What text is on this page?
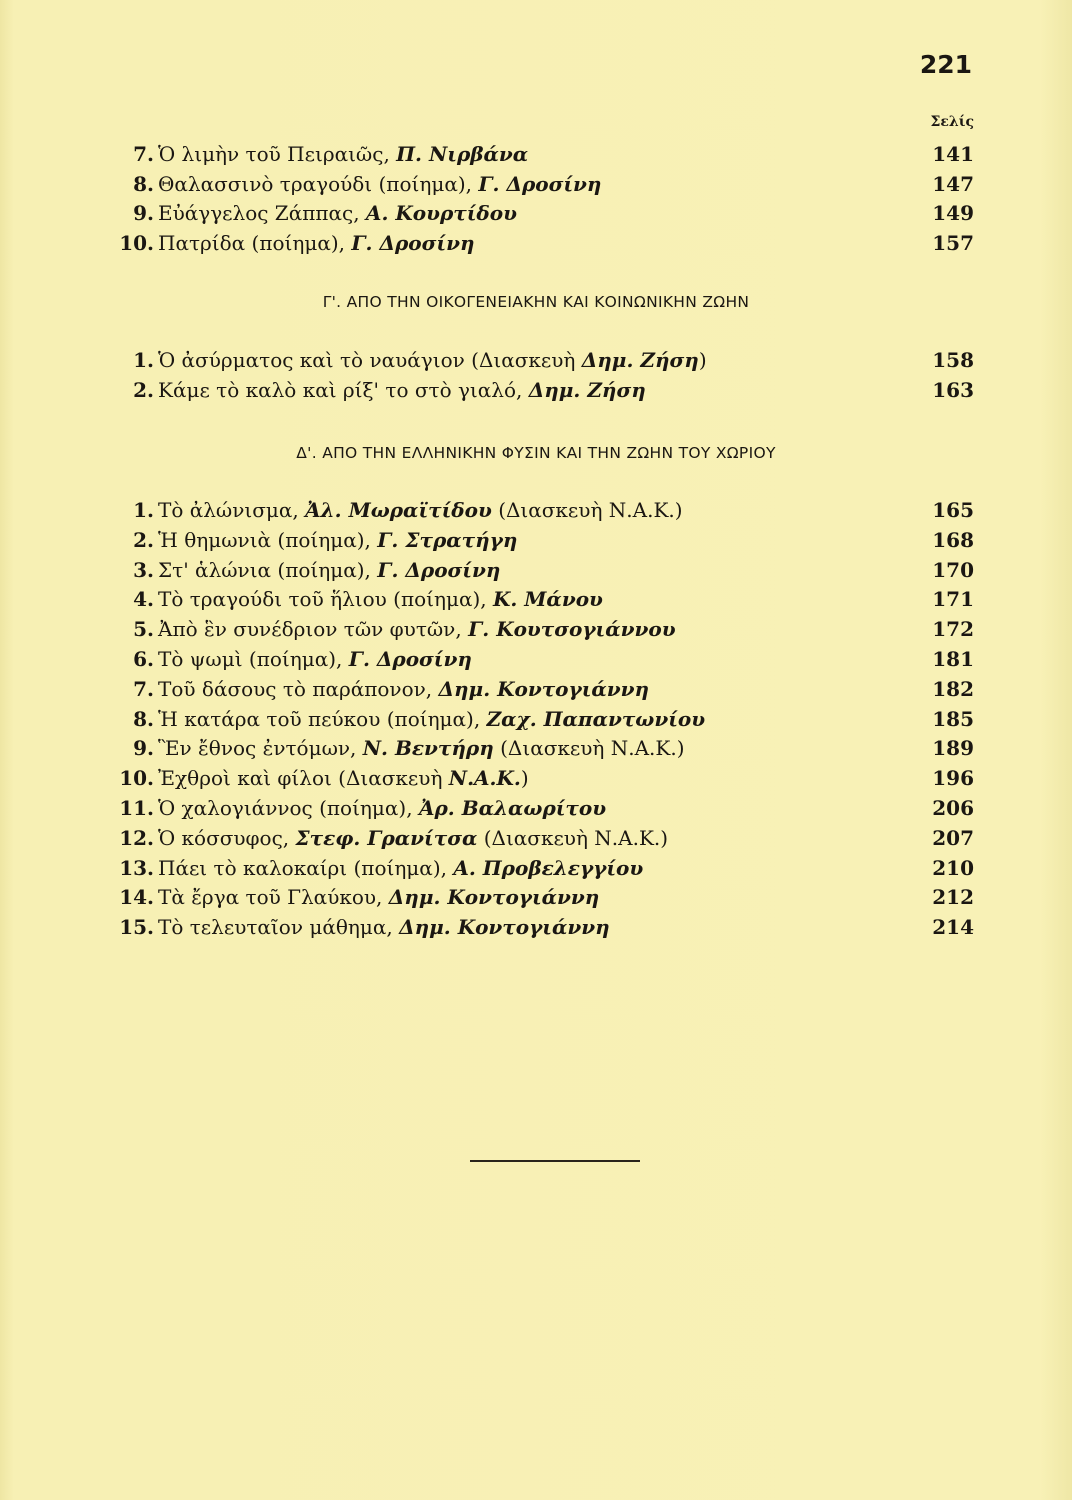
221
Σελίς
7. Ὁ λιμὴν τοῦ Πειραιῶς, Π. Νιρβάνα	141
8. Θαλασσινὸ τραγούδι (ποίημα), Γ. Δροσίνη	147
9. Εὐάγγελος Ζάππας, Α. Κουρτίδου	149
10. Πατρίδα (ποίημα), Γ. Δροσίνη	157
Γ'. ΑΠΟ ΤΗΝ ΟΙΚΟΓΕΝΕΙΑΚΗΝ ΚΑΙ ΚΟΙΝΩΝΙΚΗΝ ΖΩΗΝ
1. Ὁ ἀσύρματος καὶ τὸ ναυάγιον (Διασκευὴ Δημ. Ζήση)	158
2. Κάμε τὸ καλὸ καὶ ρίξ' το στὸ γιαλό, Δημ. Ζήση	163
Δ'. ΑΠΟ ΤΗΝ ΕΛΛΗΝΙΚΗΝ ΦΥΣΙΝ ΚΑΙ ΤΗΝ ΖΩΗΝ ΤΟΥ ΧΩΡΙΟΥ
1. Τὸ ἀλώνισμα, Ἀλ. Μωραϊτίδου (Διασκευὴ Ν.Α.Κ.)	165
2. Ἡ θημωνιὰ (ποίημα), Γ. Στρατήγη	168
3. Στ' ἁλώνια (ποίημα), Γ. Δροσίνη	170
4. Τὸ τραγούδι τοῦ ἥλιου (ποίημα), Κ. Μάνου	171
5. Ἀπὸ ἓν συνέδριον τῶν φυτῶν, Γ. Κουτσογιάννου	172
6. Τὸ ψωμὶ (ποίημα), Γ. Δροσίνη	181
7. Τοῦ δάσους τὸ παράπονον, Δημ. Κοντογιάννη	182
8. Ἡ κατάρα τοῦ πεύκου (ποίημα), Ζαχ. Παπαντωνίου	185
9. Ἓν ἔθνος ἐντόμων, Ν. Βεντήρη (Διασκευὴ Ν.Α.Κ.)	189
10. Ἐχθροὶ καὶ φίλοι (Διασκευὴ Ν.Α.Κ.)	196
11. Ὁ χαλογιάννος (ποίημα), Ἀρ. Βαλαωρίτου	206
12. Ὁ κόσσυφος, Στεφ. Γρανίτσα (Διασκευὴ Ν.Α.Κ.)	207
13. Πάει τὸ καλοκαίρι (ποίημα), Α. Προβελεγγίου	210
14. Τὰ ἔργα τοῦ Γλαύκου, Δημ. Κοντογιάννη	212
15. Τὸ τελευταῖον μάθημα, Δημ. Κοντογιάννη	214
